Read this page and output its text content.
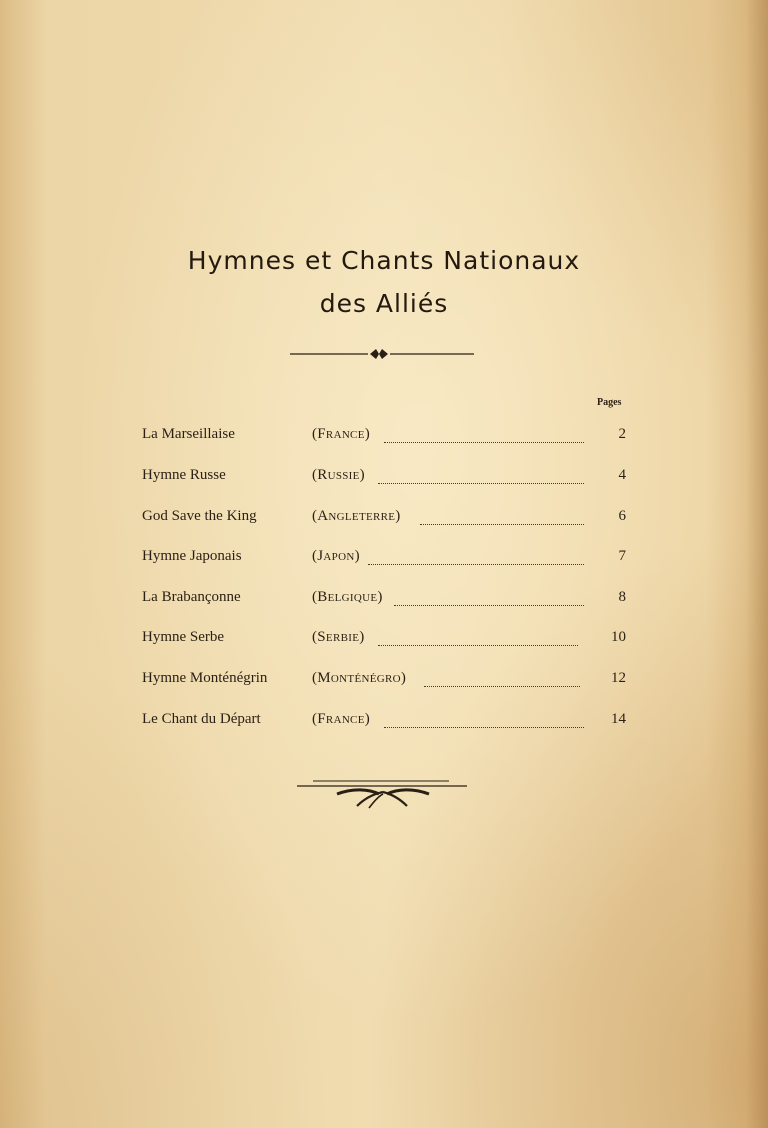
Hymnes et Chants Nationaux
des Alliés
Pages
La Marseillaise	(France)	2
Hymne Russe	(Russie)	4
God Save the King	(Angleterre)	6
Hymne Japonais	(Japon)	7
La Brabançonne	(Belgique)	8
Hymne Serbe	(Serbie)	10
Hymne Monténégrin	(Monténégro)	12
Le Chant du Départ	(France)	14
